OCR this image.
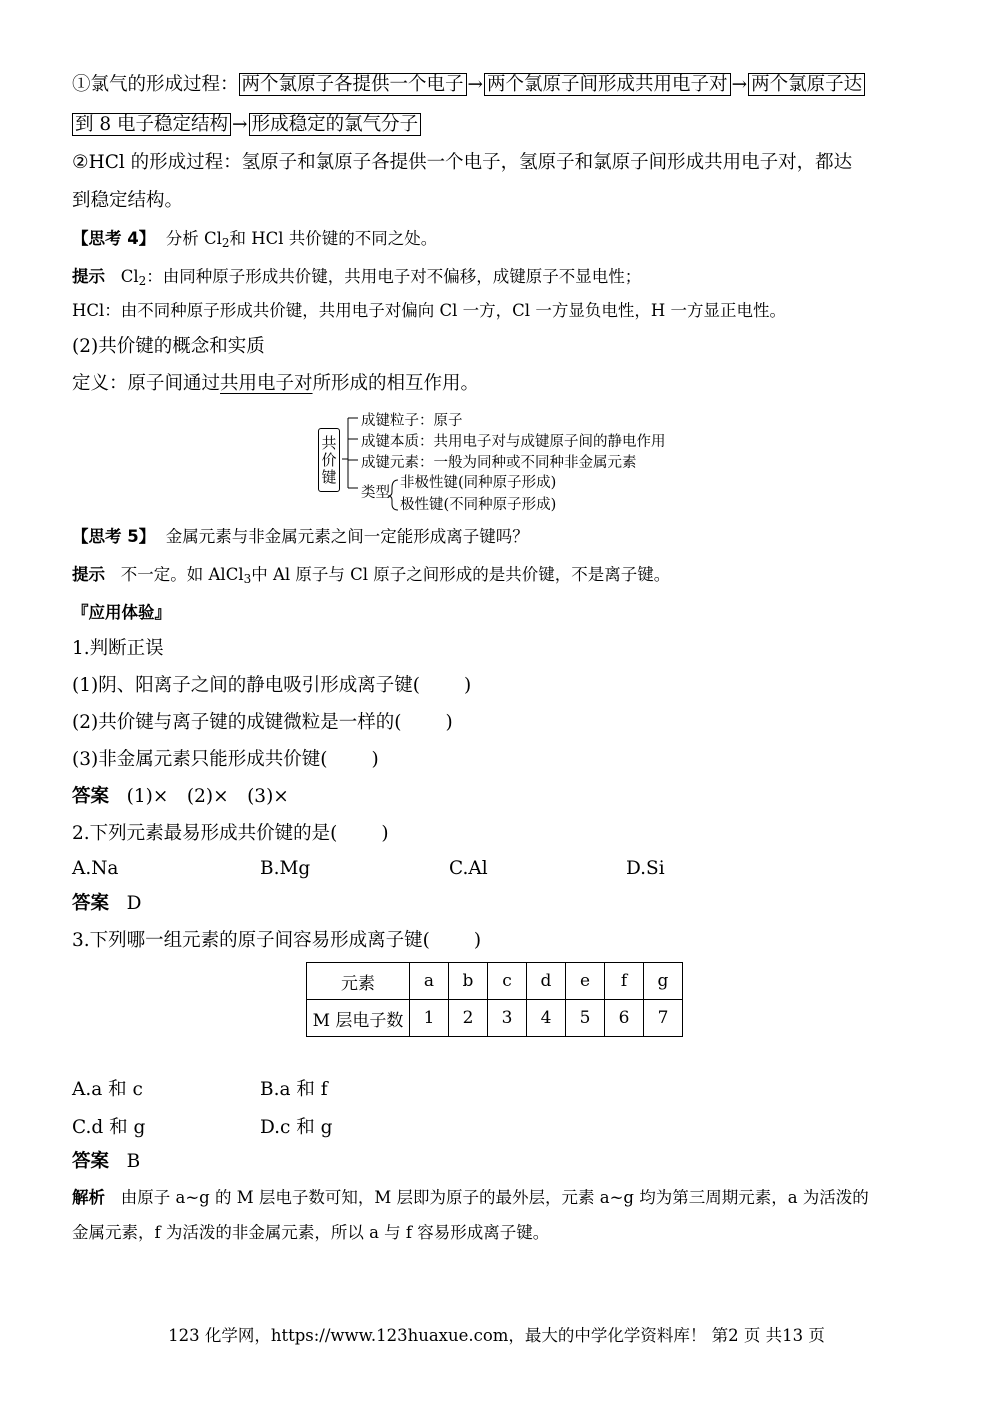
①氯气的形成过程： 两个氯原子各提供一个电子 → 两个氯原子间形成共用电子对 → 两个氯原子达
到 8 电子稳定结构 → 形成稳定的氯气分子
②HCl 的形成过程：氢原子和氯原子各提供一个电子，氢原子和氯原子间形成共用电子对，都达
到稳定结构。
【思考 4】 分析 $Cl_2$和 HCl 共价键的不同之处。
提示 $Cl_2$：由同种原子形成共价键，共用电子对不偏移，成键原子不显电性；
HCl：由不同种原子形成共价键，共用电子对偏向 Cl 一方，Cl 一方显负电性，H 一方显正电性。
(2)共价键的概念和实质
定义：原子间通过共用电子对所形成的相互作用。
共价键
成键粒子：原子
成键本质：共用电子对与成键原子间的静电作用
成键元素：一般为同种或不同种非金属元素
类型
非极性键(同种原子形成)
极性键(不同种原子形成)
【思考 5】 金属元素与非金属元素之间一定能形成离子键吗？
提示 不一定。如 AlCl$_3$中 Al 原子与 Cl 原子之间形成的是共价键，不是离子键。
『应用体验』
1.判断正误
(1)阴、阳离子之间的静电吸引形成离子键( )
(2)共价键与离子键的成键微粒是一样的( )
(3)非金属元素只能形成共价键( )
答案 (1)×　(2)×　(3)×
2.下列元素最易形成共价键的是( )
A.Na	B.Mg	C.Al	D.Si
答案 D
3.下列哪一组元素的原子间容易形成离子键( )
元素	a	b	c	d	e	f	g
M 层电子数	1	2	3	4	5	6	7
A.a 和 c	B.a 和 f
C.d 和 g	D.c 和 g
答案 B
解析 由原子 a~g 的 M 层电子数可知，M 层即为原子的最外层，元素 a~g 均为第三周期元素，a 为活泼的
金属元素，f 为活泼的非金属元素，所以 a 与 f 容易形成离子键。
123 化学网，https://www.123huaxue.com，最大的中学化学资料库！ 第2 页 共13 页
